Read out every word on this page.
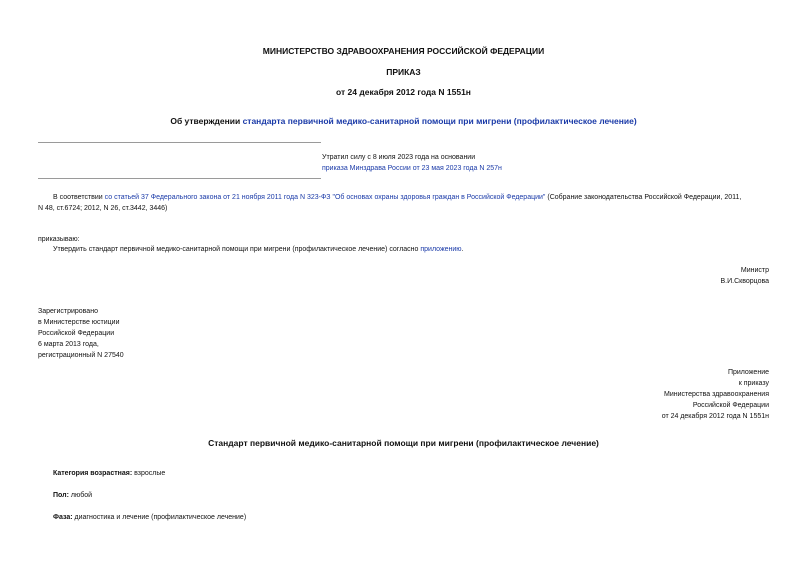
МИНИСТЕРСТВО ЗДРАВООХРАНЕНИЯ РОССИЙСКОЙ ФЕДЕРАЦИИ
ПРИКАЗ
от 24 декабря 2012 года N 1551н
Об утверждении стандарта первичной медико-санитарной помощи при мигрени (профилактическое лечение)
Утратил силу с 8 июля 2023 года на основании
приказа Минздрава России от 23 мая 2023 года N 257н
В соответствии со статьей 37 Федерального закона от 21 ноября 2011 года N 323-ФЗ "Об основах охраны здоровья граждан в Российской Федерации" (Собрание законодательства Российской Федерации, 2011,
N 48, ст.6724; 2012, N 26, ст.3442, 3446)
приказываю:
Утвердить стандарт первичной медико-санитарной помощи при мигрени (профилактическое лечение) согласно приложению.
Министр
В.И.Скворцова
Зарегистрировано
в Министерстве юстиции
Российской Федерации
6 марта 2013 года,
регистрационный N 27540
Приложение
к приказу
Министерства здравоохранения
Российской Федерации
от 24 декабря 2012 года N 1551н
Стандарт первичной медико-санитарной помощи при мигрени (профилактическое лечение)
Категория возрастная: взрослые
Пол: любой
Фаза: диагностика и лечение (профилактическое лечение)
